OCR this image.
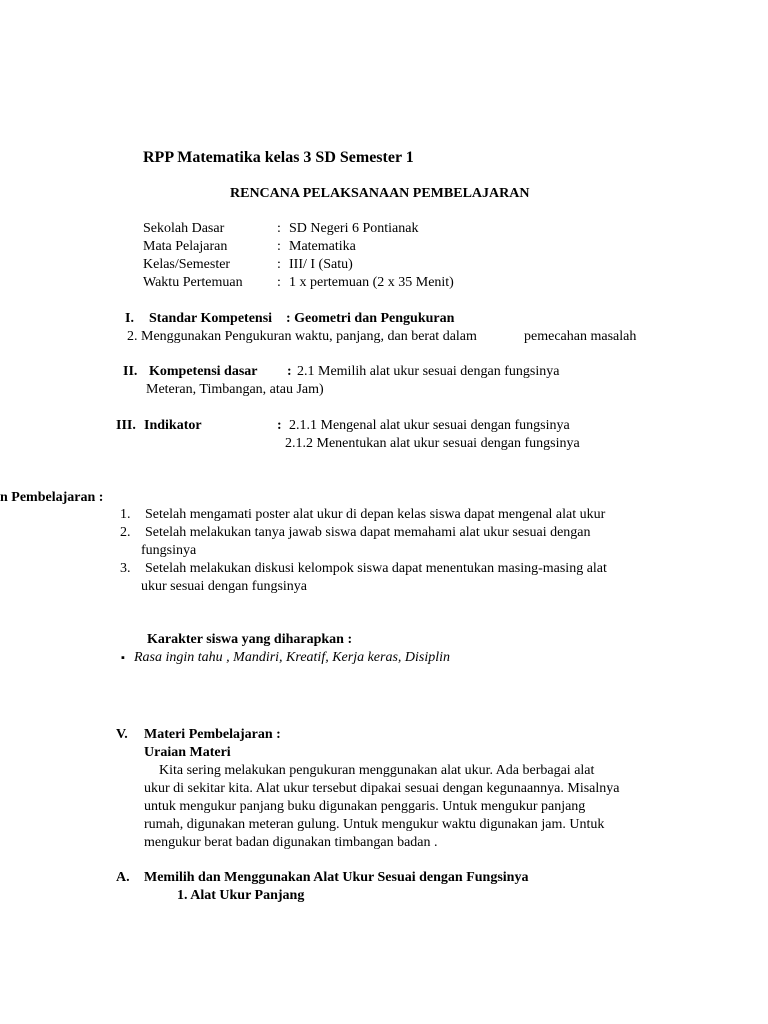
RPP Matematika kelas 3 SD Semester 1
RENCANA PELAKSANAAN PEMBELAJARAN
Sekolah Dasar	: SD Negeri 6 Pontianak
Mata Pelajaran	: Matematika
Kelas/Semester	: III/ I (Satu)
Waktu Pertemuan : 1 x pertemuan (2 x 35 Menit)
I. Standar Kompetensi : Geometri dan Pengukuran
2. Menggunakan Pengukuran waktu, panjang, dan berat dalam	pemecahan masalah
II. Kompetensi dasar : 2.1 Memilih alat ukur sesuai dengan fungsinya
Meteran, Timbangan, atau Jam)
III. Indikator	: 2.1.1 Mengenal alat ukur sesuai dengan fungsinya
2.1.2 Menentukan alat ukur sesuai dengan fungsinya
n Pembelajaran :
1. Setelah mengamati poster alat ukur di depan kelas siswa dapat mengenal alat ukur
2. Setelah melakukan tanya jawab siswa dapat memahami alat ukur sesuai dengan
fungsinya
3. Setelah melakukan diskusi kelompok siswa dapat menentukan masing-masing alat
ukur sesuai dengan fungsinya
Karakter siswa yang diharapkan :
▪ Rasa ingin tahu , Mandiri, Kreatif, Kerja keras, Disiplin
V. Materi Pembelajaran :
Uraian Materi
Kita sering melakukan pengukuran menggunakan alat ukur. Ada berbagai alat
ukur di sekitar kita. Alat ukur tersebut dipakai sesuai dengan kegunaannya. Misalnya
untuk mengukur panjang buku digunakan penggaris. Untuk mengukur panjang
rumah, digunakan meteran gulung. Untuk mengukur waktu digunakan jam. Untuk
mengukur berat badan digunakan timbangan badan .
A. Memilih dan Menggunakan Alat Ukur Sesuai dengan Fungsinya
1. Alat Ukur Panjang
